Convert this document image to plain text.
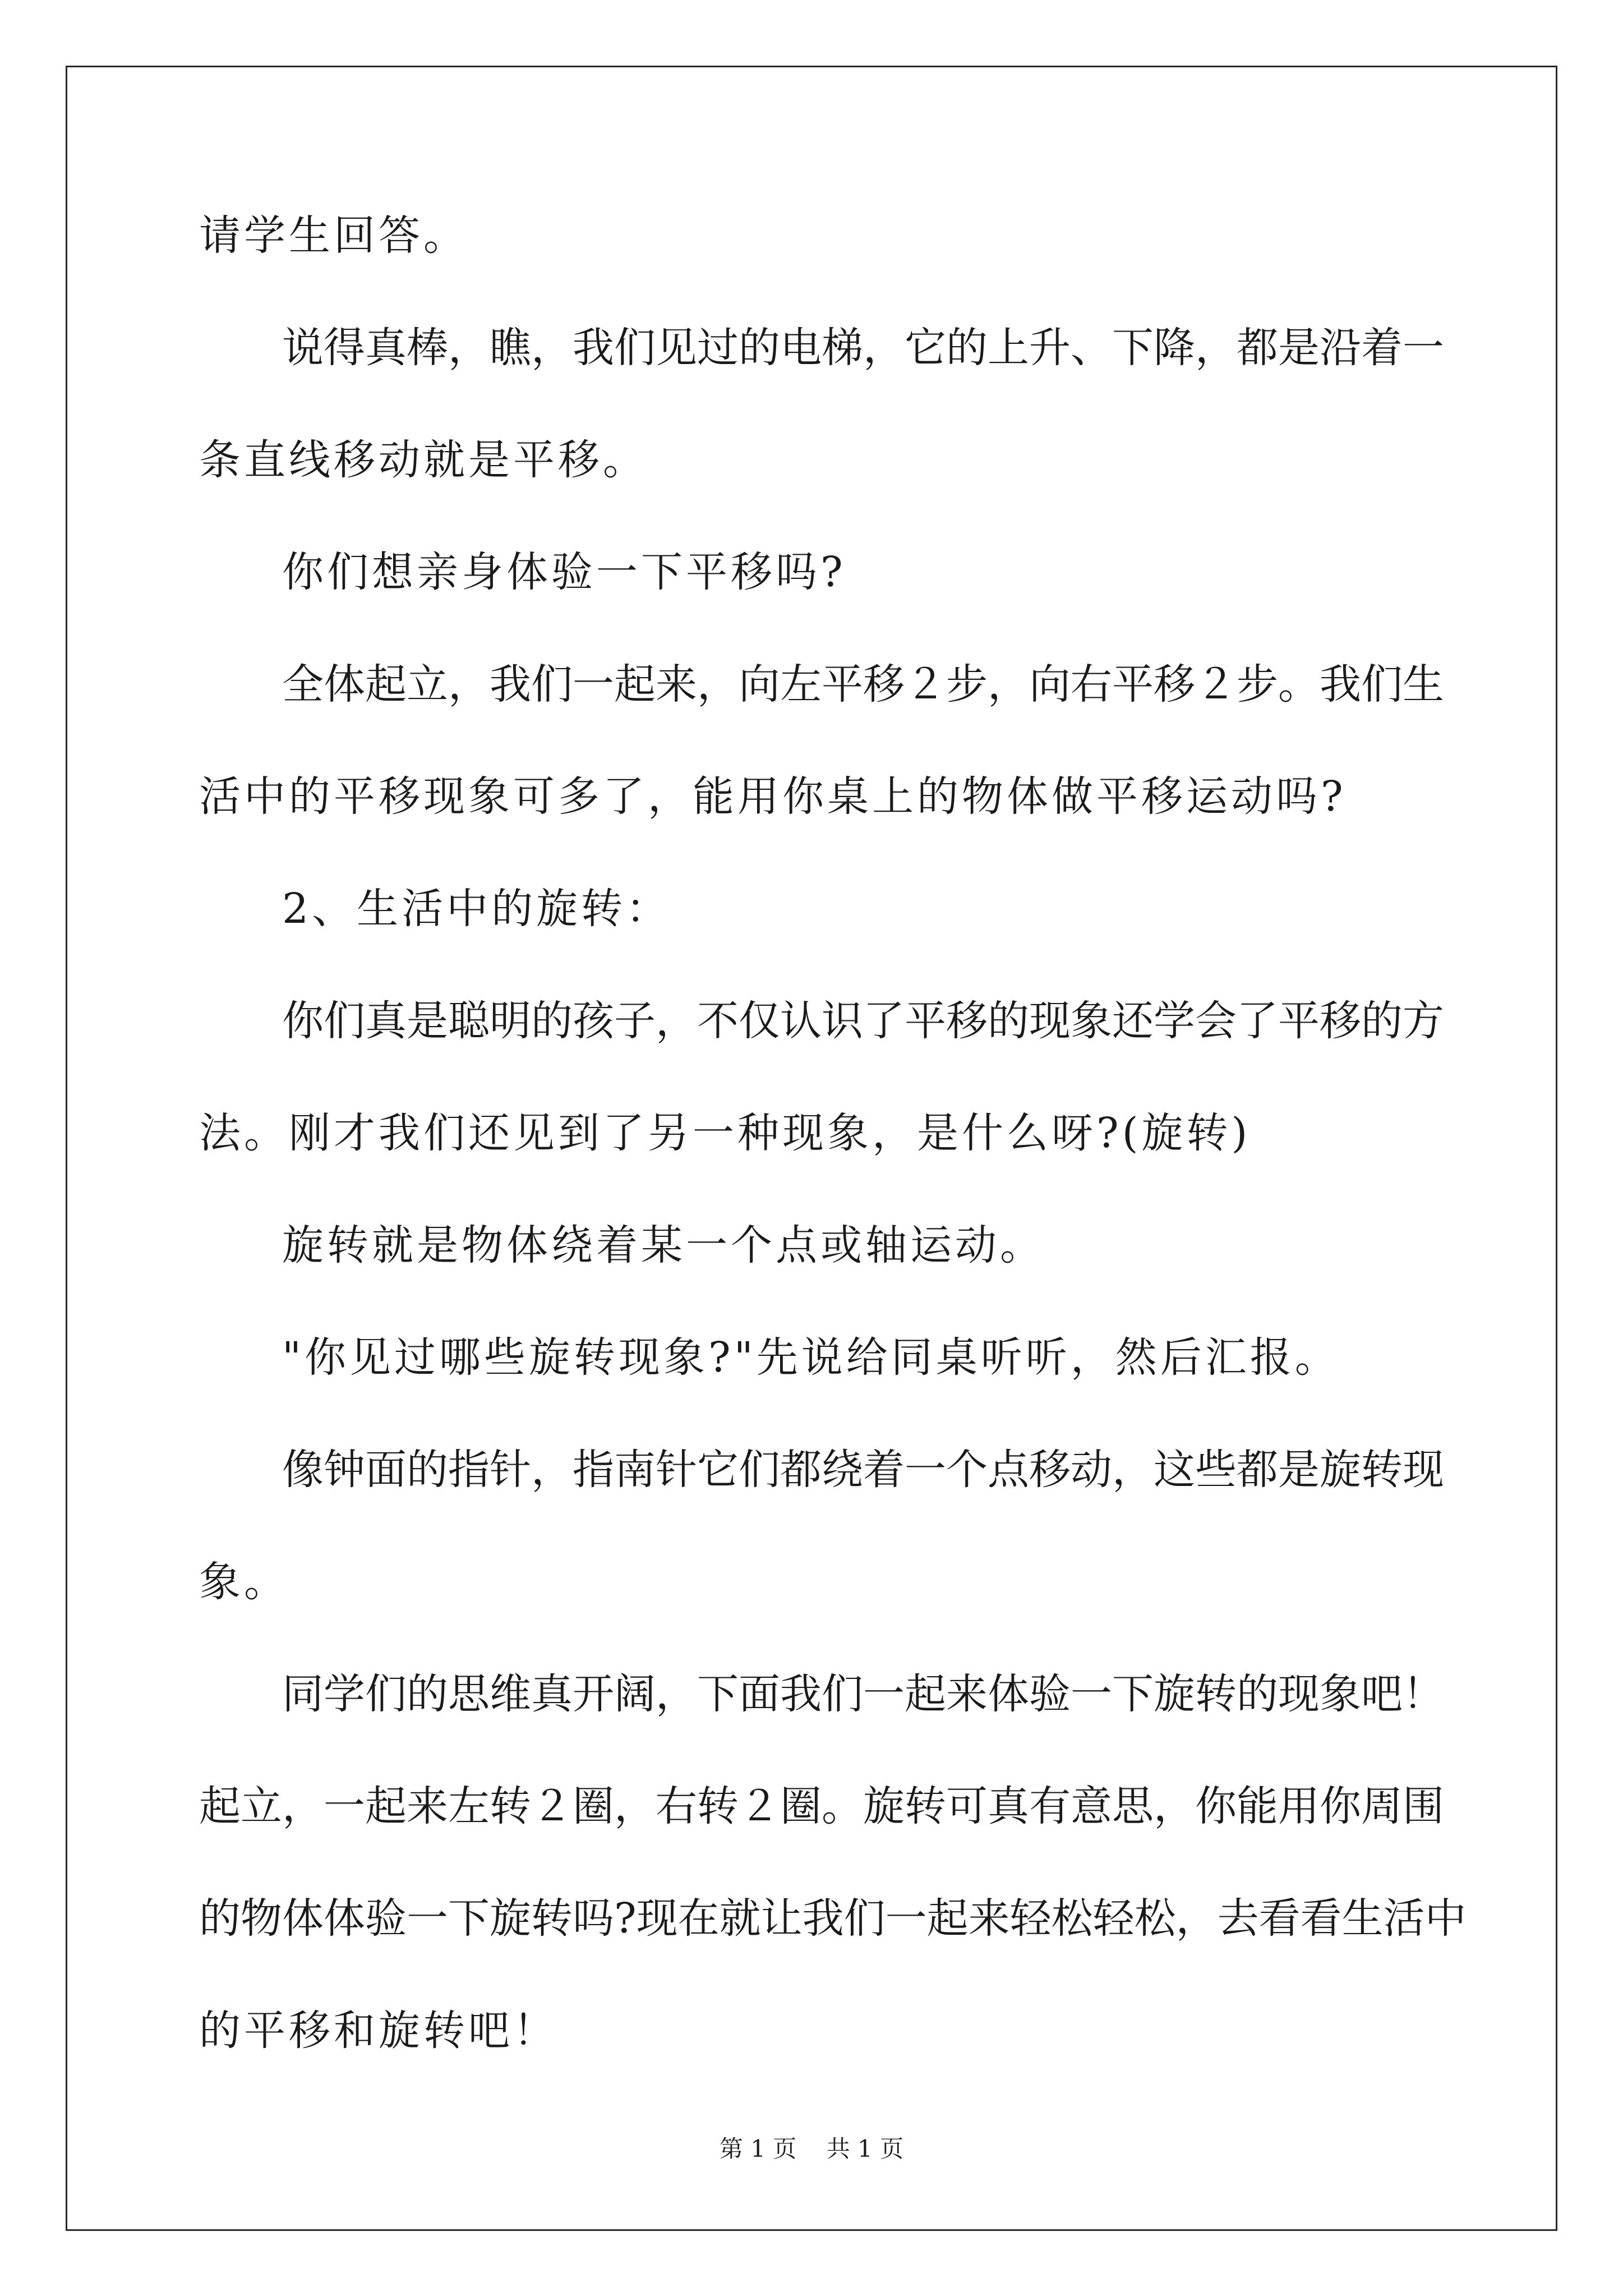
请学生回答。

说得真棒，瞧，我们见过的电梯，它的上升、下降，都是沿着一

条直线移动就是平移。

你们想亲身体验一下平移吗?

全体起立，我们一起来，向左平移２步，向右平移２步。我们生

活中的平移现象可多了，能用你桌上的物体做平移运动吗?

2、生活中的旋转：

你们真是聪明的孩子，不仅认识了平移的现象还学会了平移的方

法。刚才我们还见到了另一种现象，是什么呀?(旋转)

旋转就是物体绕着某一个点或轴运动。

"你见过哪些旋转现象?"先说给同桌听听，然后汇报。

像钟面的指针，指南针它们都绕着一个点移动，这些都是旋转现

象。

同学们的思维真开阔，下面我们一起来体验一下旋转的现象吧！

起立，一起来左转２圈，右转２圈。旋转可真有意思，你能用你周围

的物体体验一下旋转吗?现在就让我们一起来轻松轻松，去看看生活中

的平移和旋转吧！

第 1 页    共 1 页
